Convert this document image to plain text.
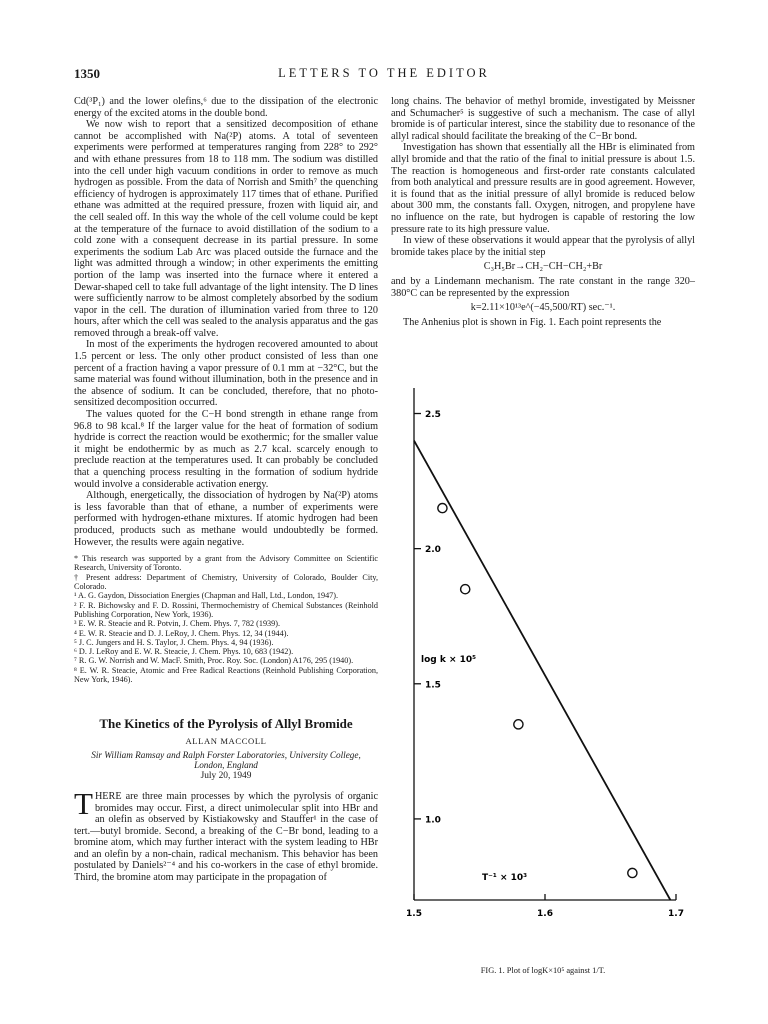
1350	LETTERS TO THE EDITOR

Cd(³P₁) and the lower olefins,⁶ due to the dissipation of the electronic energy of the excited atoms in the double bond.

We now wish to report that a sensitized decomposition of ethane cannot be accomplished with Na(²P) atoms. A total of seventeen experiments were performed at temperatures ranging from 228° to 292° and with ethane pressures from 18 to 118 mm. The sodium was distilled into the cell under high vacuum conditions in order to remove as much hydrogen as possible. From the data of Norrish and Smith⁷ the quenching efficiency of hydrogen is approximately 117 times that of ethane. Purified ethane was admitted at the required pressure, frozen with liquid air, and the cell sealed off. In this way the whole of the cell volume could be kept at the temperature of the furnace to avoid distillation of the sodium to a cold zone with a consequent decrease in its partial pressure. In some experiments the sodium Lab Arc was placed outside the furnace and the light was admitted through a window; in other experiments the emitting portion of the lamp was inserted into the furnace where it entered a Dewar-shaped cell to take full advantage of the light intensity. The D lines were sufficiently narrow to be almost completely absorbed by the sodium vapor in the cell. The duration of illumination varied from three to 120 hours, after which the cell was sealed to the analysis apparatus and the gas removed through a break-off valve.

In most of the experiments the hydrogen recovered amounted to about 1.5 percent or less. The only other product consisted of less than one percent of a fraction having a vapor pressure of 0.1 mm at −32°C, but the same material was found without illumination, both in the presence and in the absence of sodium. It can be concluded, therefore, that no photo-sensitized decomposition occurred.

The values quoted for the C−H bond strength in ethane range from 96.8 to 98 kcal.⁸ If the larger value for the heat of formation of sodium hydride is correct the reaction would be exothermic; for the smaller value it might be endothermic by as much as 2.7 kcal. scarcely enough to preclude reaction at the temperatures used. It can probably be concluded that a quenching process resulting in the formation of sodium hydride would involve a considerable activation energy.

Although, energetically, the dissociation of hydrogen by Na(²P) atoms is less favorable than that of ethane, a number of experiments were performed with hydrogen-ethane mixtures. If atomic hydrogen had been produced, products such as methane would undoubtedly be formed. However, the results were again negative.

* This research was supported by a grant from the Advisory Committee on Scientific Research, University of Toronto.
† Present address: Department of Chemistry, University of Colorado, Boulder City, Colorado.
¹ A. G. Gaydon, Dissociation Energies (Chapman and Hall, Ltd., London, 1947).
² F. R. Bichowsky and F. D. Rossini, Thermochemistry of Chemical Substances (Reinhold Publishing Corporation, New York, 1936).
³ E. W. R. Steacie and R. Potvin, J. Chem. Phys. 7, 782 (1939).
⁴ E. W. R. Steacie and D. J. LeRoy, J. Chem. Phys. 12, 34 (1944).
⁵ J. C. Jungers and H. S. Taylor, J. Chem. Phys. 4, 94 (1936).
⁶ D. J. LeRoy and E. W. R. Steacie, J. Chem. Phys. 10, 683 (1942).
⁷ R. G. W. Norrish and W. MacF. Smith, Proc. Roy. Soc. (London) A176, 295 (1940).
⁸ E. W. R. Steacie, Atomic and Free Radical Reactions (Reinhold Publishing Corporation, New York, 1946).
The Kinetics of the Pyrolysis of Allyl Bromide
ALLAN MACCOLL
Sir William Ramsay and Ralph Forster Laboratories, University College,
London, England
July 20, 1949

THERE are three main processes by which the pyrolysis of organic bromides may occur. First, a direct unimolecular split into HBr and an olefin as observed by Kistiakowsky and Stauffer¹ in the case of tert.—butyl bromide. Second, a breaking of the C−Br bond, leading to a bromine atom, which may further interact with the system leading to HBr and an olefin by a non-chain, radical mechanism. This behavior has been postulated by Daniels²⁻⁴ and his co-workers in the case of ethyl bromide. Third, the bromine atom may participate in the propagation of

long chains. The behavior of methyl bromide, investigated by Meissner and Schumacher⁵ is suggestive of such a mechanism. The case of allyl bromide is of particular interest, since the stability due to resonance of the allyl radical should facilitate the breaking of the C−Br bond.

Investigation has shown that essentially all the HBr is eliminated from allyl bromide and that the ratio of the final to initial pressure is about 1.5. The reaction is homogeneous and first-order rate constants calculated from both analytical and pressure results are in good agreement. However, it is found that as the initial pressure of allyl bromide is reduced below about 300 mm, the constants fall. Oxygen, nitrogen, and propylene have no influence on the rate, but hydrogen is capable of restoring the low pressure rate to its high pressure value.

In view of these observations it would appear that the pyrolysis of allyl bromide takes place by the initial step

C₃H₅Br→CH₂−CH−CH₂+Br

and by a Lindemann mechanism. The rate constant in the range 320–380°C can be represented by the expression

k=2.11×10¹³e^(−45,500/RT) sec.⁻¹.

The Anhenius plot is shown in Fig. 1. Each point represents the

2.5
2.0
1.5
1.0
1.5	1.6	1.7
log k × 10⁵
T⁻¹ × 10³
FIG. 1. Plot of logK×10⁵ against 1/T.
